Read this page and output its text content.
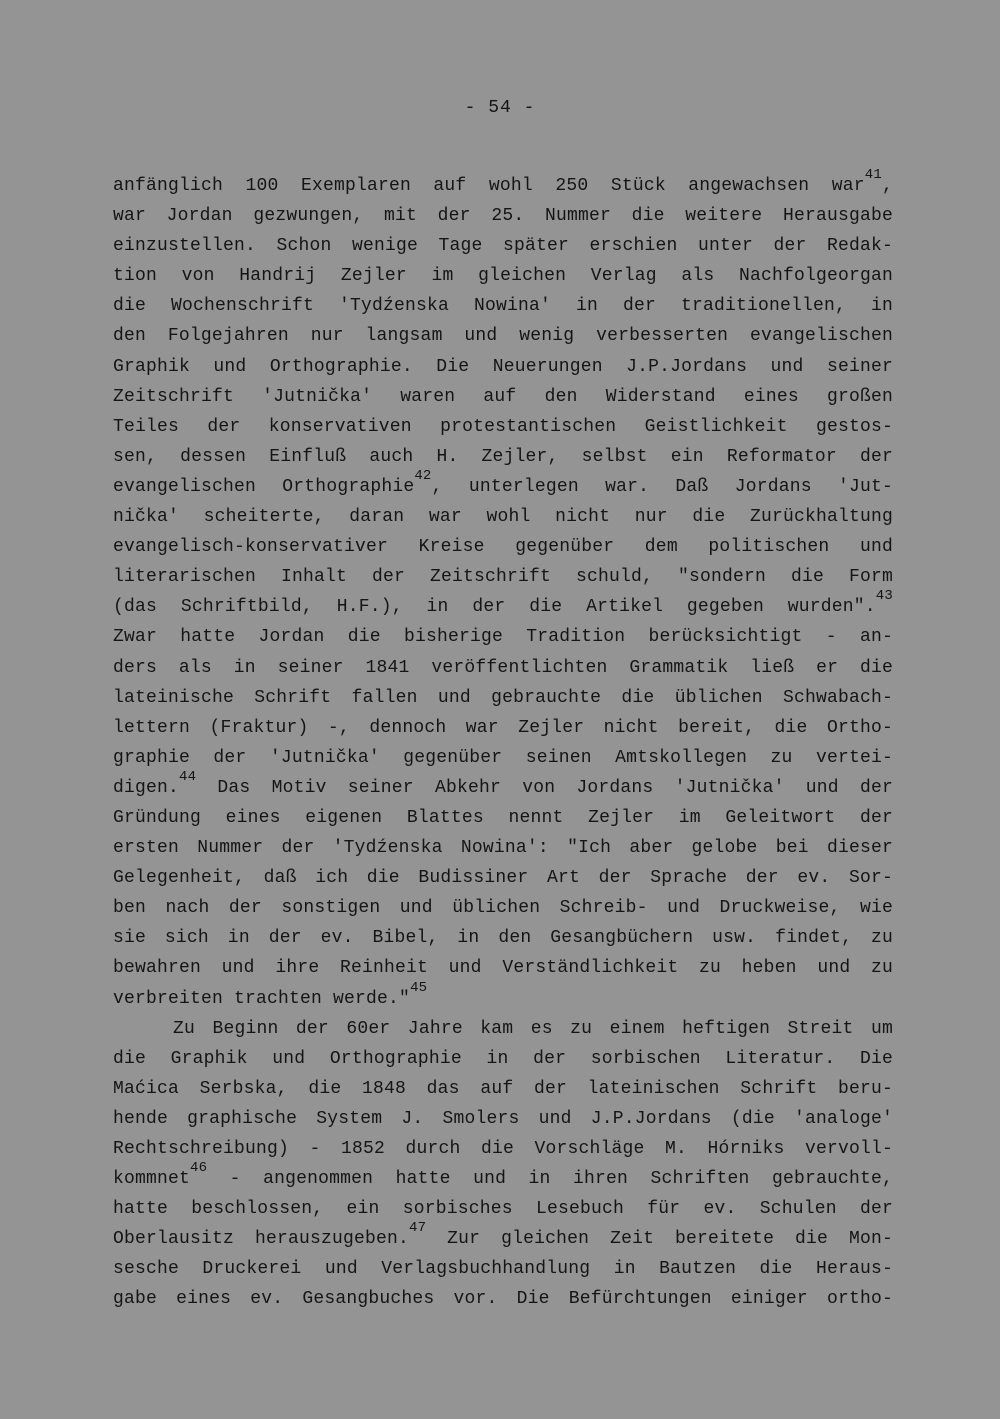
- 54 -
anfänglich 100 Exemplaren auf wohl 250 Stück angewachsen war41,
war Jordan gezwungen, mit der 25. Nummer die weitere Herausgabe
einzustellen. Schon wenige Tage später erschien unter der Redak-
tion von Handrij Zejler im gleichen Verlag als Nachfolgeorgan
die Wochenschrift 'Tydźenska Nowina' in der traditionellen, in
den Folgejahren nur langsam und wenig verbesserten evangelischen
Graphik und Orthographie. Die Neuerungen J.P.Jordans und seiner
Zeitschrift 'Jutnička' waren auf den Widerstand eines großen
Teiles der konservativen protestantischen Geistlichkeit gestos-
sen, dessen Einfluß auch H. Zejler, selbst ein Reformator der
evangelischen Orthographie42, unterlegen war. Daß Jordans 'Jut-
nička' scheiterte, daran war wohl nicht nur die Zurückhaltung
evangelisch-konservativer Kreise gegenüber dem politischen und
literarischen Inhalt der Zeitschrift schuld, "sondern die Form
(das Schriftbild, H.F.), in der die Artikel gegeben wurden".43
Zwar hatte Jordan die bisherige Tradition berücksichtigt - an-
ders als in seiner 1841 veröffentlichten Grammatik ließ er die
lateinische Schrift fallen und gebrauchte die üblichen Schwabach-
lettern (Fraktur) -, dennoch war Zejler nicht bereit, die Ortho-
graphie der 'Jutnička' gegenüber seinen Amtskollegen zu vertei-
digen.44 Das Motiv seiner Abkehr von Jordans 'Jutnička' und der
Gründung eines eigenen Blattes nennt Zejler im Geleitwort der
ersten Nummer der 'Tydźenska Nowina': "Ich aber gelobe bei dieser
Gelegenheit, daß ich die Budissiner Art der Sprache der ev. Sor-
ben nach der sonstigen und üblichen Schreib- und Druckweise, wie
sie sich in der ev. Bibel, in den Gesangbüchern usw. findet, zu
bewahren und ihre Reinheit und Verständlichkeit zu heben und zu
verbreiten trachten werde."45
Zu Beginn der 60er Jahre kam es zu einem heftigen Streit um
die Graphik und Orthographie in der sorbischen Literatur. Die
Maćica Serbska, die 1848 das auf der lateinischen Schrift beru-
hende graphische System J. Smolers und J.P.Jordans (die 'analoge'
Rechtschreibung) - 1852 durch die Vorschläge M. Hórniks vervoll-
kommnet46 - angenommen hatte und in ihren Schriften gebrauchte,
hatte beschlossen, ein sorbisches Lesebuch für ev. Schulen der
Oberlausitz herauszugeben.47 Zur gleichen Zeit bereitete die Mon-
sesche Druckerei und Verlagsbuchhandlung in Bautzen die Heraus-
gabe eines ev. Gesangbuches vor. Die Befürchtungen einiger ortho-
